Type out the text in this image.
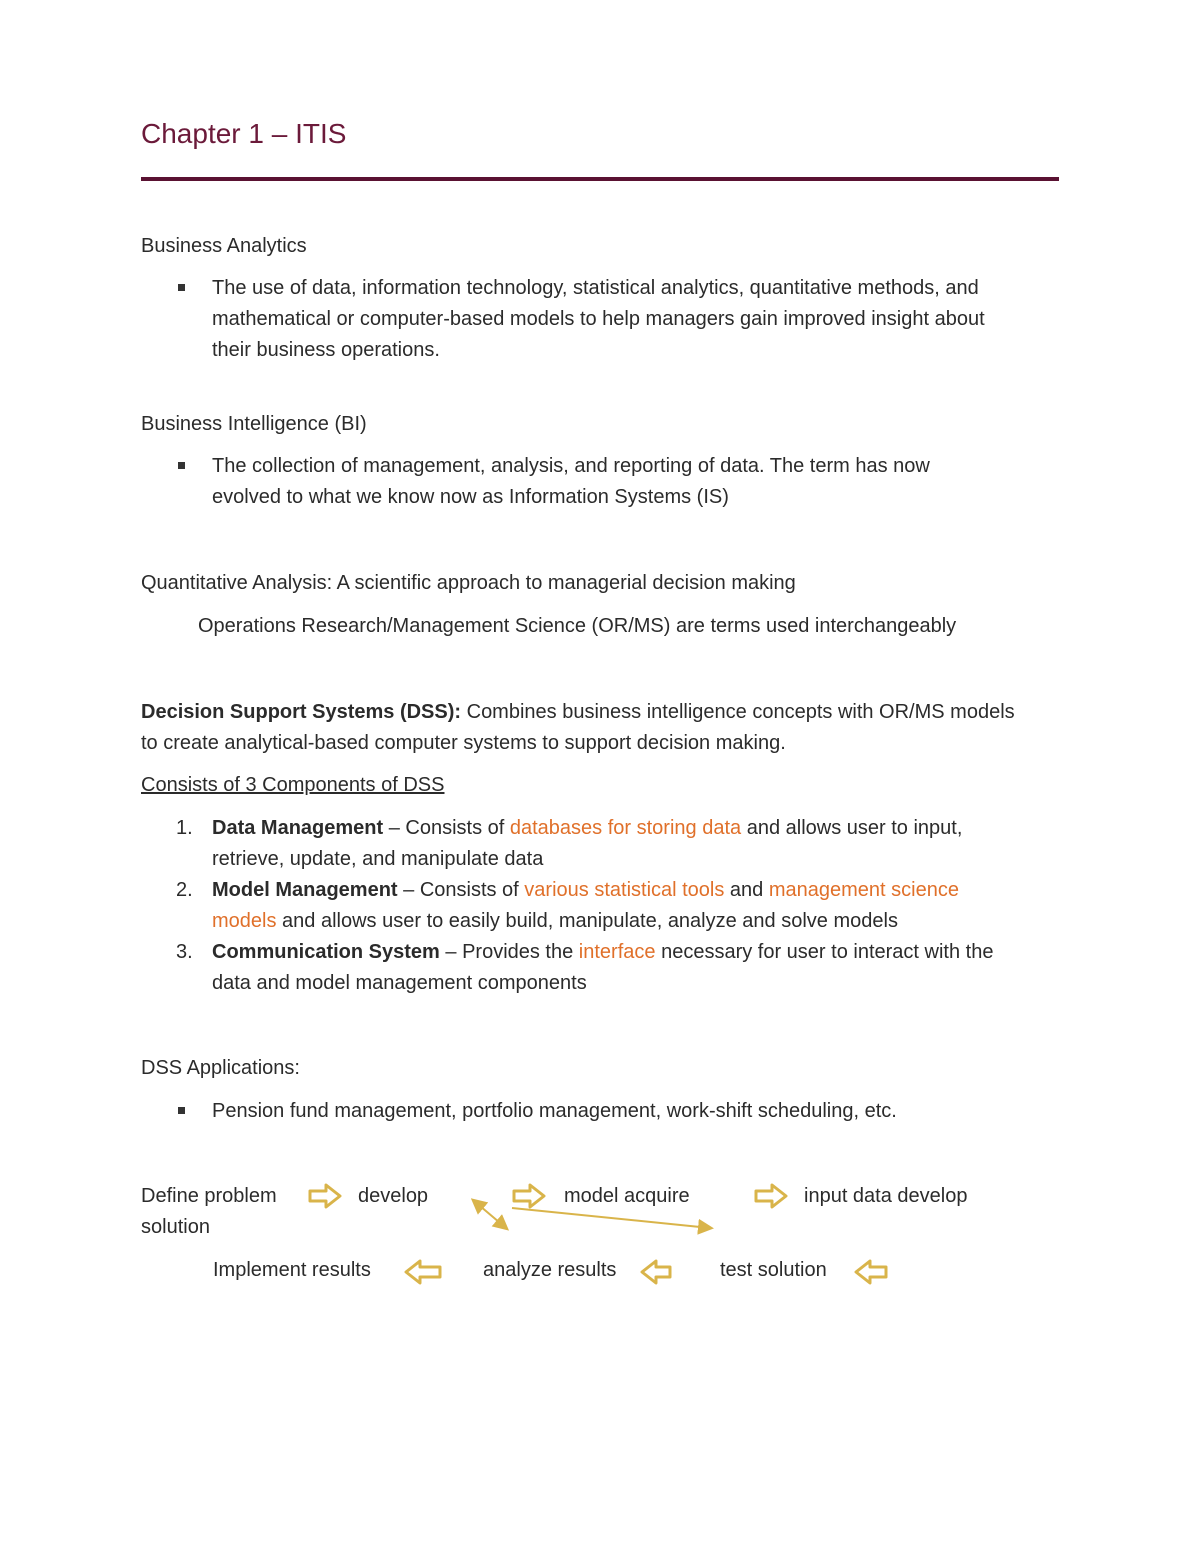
Chapter 1 – ITIS
Business Analytics
The use of data, information technology, statistical analytics, quantitative methods, and
mathematical or computer-based models to help managers gain improved insight about
their business operations.
Business Intelligence (BI)
The collection of management, analysis, and reporting of data. The term has now
evolved to what we know now as Information Systems (IS)
Quantitative Analysis: A scientific approach to managerial decision making
Operations Research/Management Science (OR/MS) are terms used interchangeably
Decision Support Systems (DSS): Combines business intelligence concepts with OR/MS models
to create analytical-based computer systems to support decision making.
Consists of 3 Components of DSS
1. Data Management – Consists of databases for storing data and allows user to input,
retrieve, update, and manipulate data
2. Model Management – Consists of various statistical tools and management science
models and allows user to easily build, manipulate, analyze and solve models
3. Communication System – Provides the interface necessary for user to interact with the
data and model management components
DSS Applications:
Pension fund management, portfolio management, work-shift scheduling, etc.
Define problem	develop
solution
model acquire	input data develop
Implement results	analyze results	test solution
